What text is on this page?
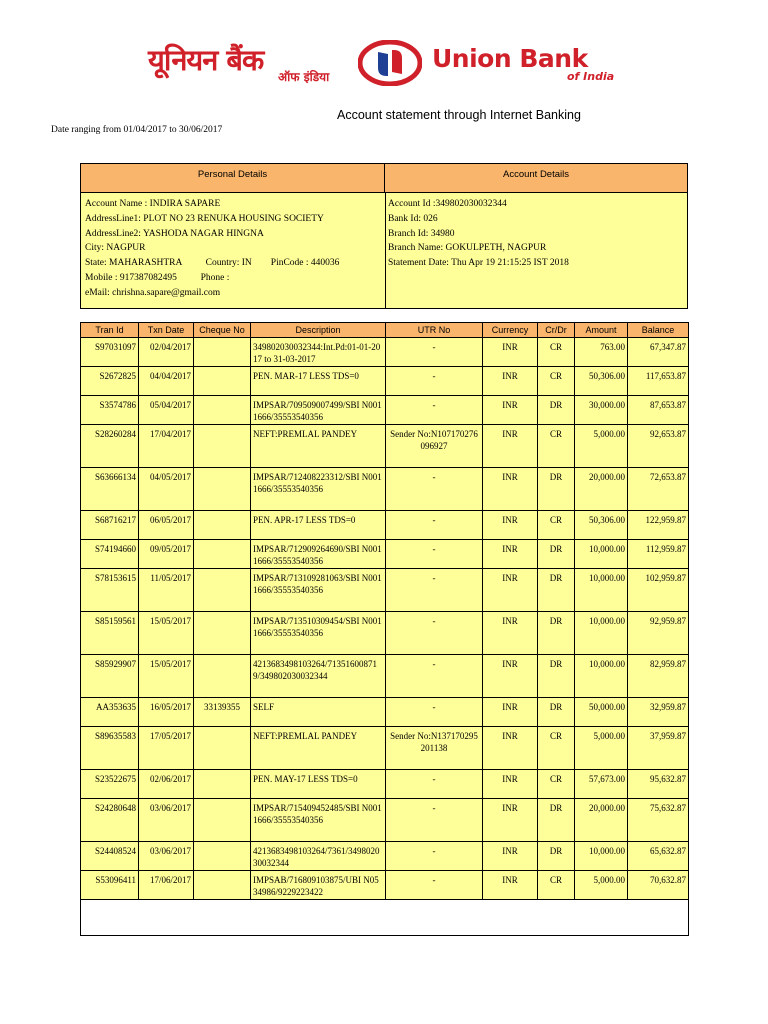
यूनियन बैंक ऑफ इंडिया
Union Bank
of India
Account statement through Internet Banking
Date ranging from 01/04/2017 to 30/06/2017
Personal Details	Account Details
Account Name : INDIRA SAPARE
AddressLine1: PLOT NO 23 RENUKA HOUSING SOCIETY
AddressLine2: YASHODA NAGAR HINGNA
City: NAGPUR
State: MAHARASHTRA          Country: IN        PinCode : 440036
Mobile : 917387082495          Phone :
eMail: chrishna.sapare@gmail.com
Account Id :349802030032344
Bank Id: 026
Branch Id: 34980
Branch Name: GOKULPETH, NAGPUR
Statement Date: Thu Apr 19 21:15:25 IST 2018
Tran Id	Txn Date	Cheque No	Description	UTR No	Currency	Cr/Dr	Amount	Balance
S97031097	02/04/2017		349802030032344:Int.Pd:01-01-2017 to 31-03-2017	-	INR	CR	763.00	67,347.87
S2672825	04/04/2017		PEN. MAR-17 LESS TDS=0	-	INR	CR	50,306.00	117,653.87
S3574786	05/04/2017		IMPSAR/709509007499/SBI N0011666/35553540356	-	INR	DR	30,000.00	87,653.87
S28260284	17/04/2017		NEFT:PREMLAL PANDEY	Sender No:N107170276096927	INR	CR	5,000.00	92,653.87
S63666134	04/05/2017		IMPSAR/712408223312/SBI N0011666/35553540356	-	INR	DR	20,000.00	72,653.87
S68716217	06/05/2017		PEN. APR-17 LESS TDS=0	-	INR	CR	50,306.00	122,959.87
S74194660	09/05/2017		IMPSAR/712909264690/SBI N0011666/35553540356	-	INR	DR	10,000.00	112,959.87
S78153615	11/05/2017		IMPSAR/713109281063/SBI N0011666/35553540356	-	INR	DR	10,000.00	102,959.87
S85159561	15/05/2017		IMPSAR/713510309454/SBI N0011666/35553540356	-	INR	DR	10,000.00	92,959.87
S85929907	15/05/2017		4213683498103264/713516008719/349802030032344	-	INR	DR	10,000.00	82,959.87
AA353635	16/05/2017	33139355	SELF	-	INR	DR	50,000.00	32,959.87
S89635583	17/05/2017		NEFT:PREMLAL PANDEY	Sender No:N137170295201138	INR	CR	5,000.00	37,959.87
S23522675	02/06/2017		PEN. MAY-17 LESS TDS=0	-	INR	CR	57,673.00	95,632.87
S24280648	03/06/2017		IMPSAR/715409452485/SBI N0011666/35553540356	-	INR	DR	20,000.00	75,632.87
S24408524	03/06/2017		4213683498103264/7361/349802030032344	-	INR	DR	10,000.00	65,632.87
S53096411	17/06/2017		IMPSAB/716809103875/UBI N0534986/9229223422	-	INR	CR	5,000.00	70,632.87
